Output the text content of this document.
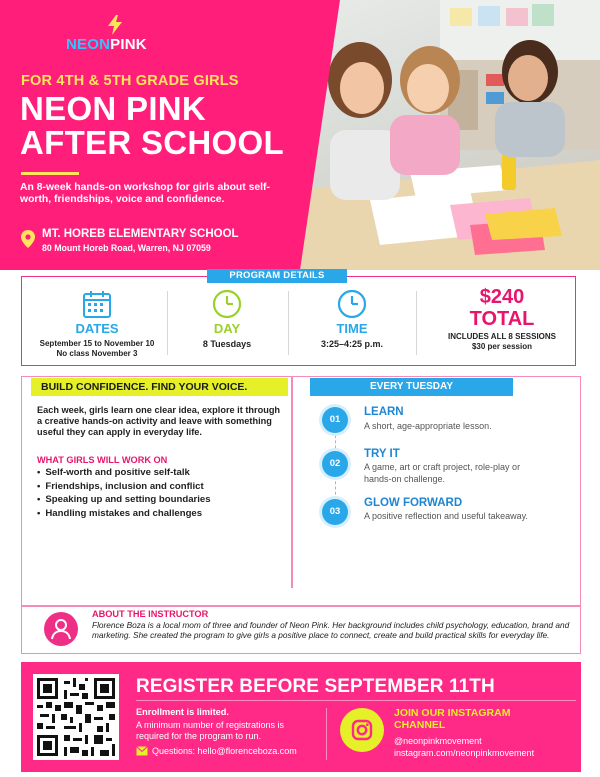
NEONPINK
FOR 4TH & 5TH GRADE GIRLS
NEON PINK
AFTER SCHOOL
An 8-week hands-on workshop for girls about self-worth, friendships, voice and confidence.
MT. HOREB ELEMENTARY SCHOOL
80 Mount Horeb Road, Warren, NJ 07059
DATES
September 15 to November 10
No class November 3
DAY
8 Tuesdays
TIME
3:25–4:25 p.m.
$240
TOTAL
INCLUDES ALL 8 SESSIONS
$30 per session
PROGRAM DETAILS
BUILD CONFIDENCE. FIND YOUR VOICE.
Each week, girls learn one clear idea, explore it through a creative hands-on activity and leave with something useful they can apply in everyday life.
WHAT GIRLS WILL WORK ON
• Self-worth and positive self-talk
• Friendships, inclusion and conflict
• Speaking up and setting boundaries
• Handling mistakes and challenges
EVERY TUESDAY
01
LEARN
A short, age-appropriate lesson.
02
TRY IT
A game, art or craft project, role-play or hands-on challenge.
03
GLOW FORWARD
A positive reflection and useful takeaway.
ABOUT THE INSTRUCTOR
Florence Boza is a local mom of three and founder of Neon Pink. Her background includes child psychology, education, brand and marketing. She created the program to give girls a positive place to connect, create and build practical skills for everyday life.
REGISTER BEFORE SEPTEMBER 11TH
Enrollment is limited.
A minimum number of registrations is required for the program to run.
Questions: hello@florenceboza.com
JOIN OUR INSTAGRAM CHANNEL
@neonpinkmovement
instagram.com/neonpinkmovement
